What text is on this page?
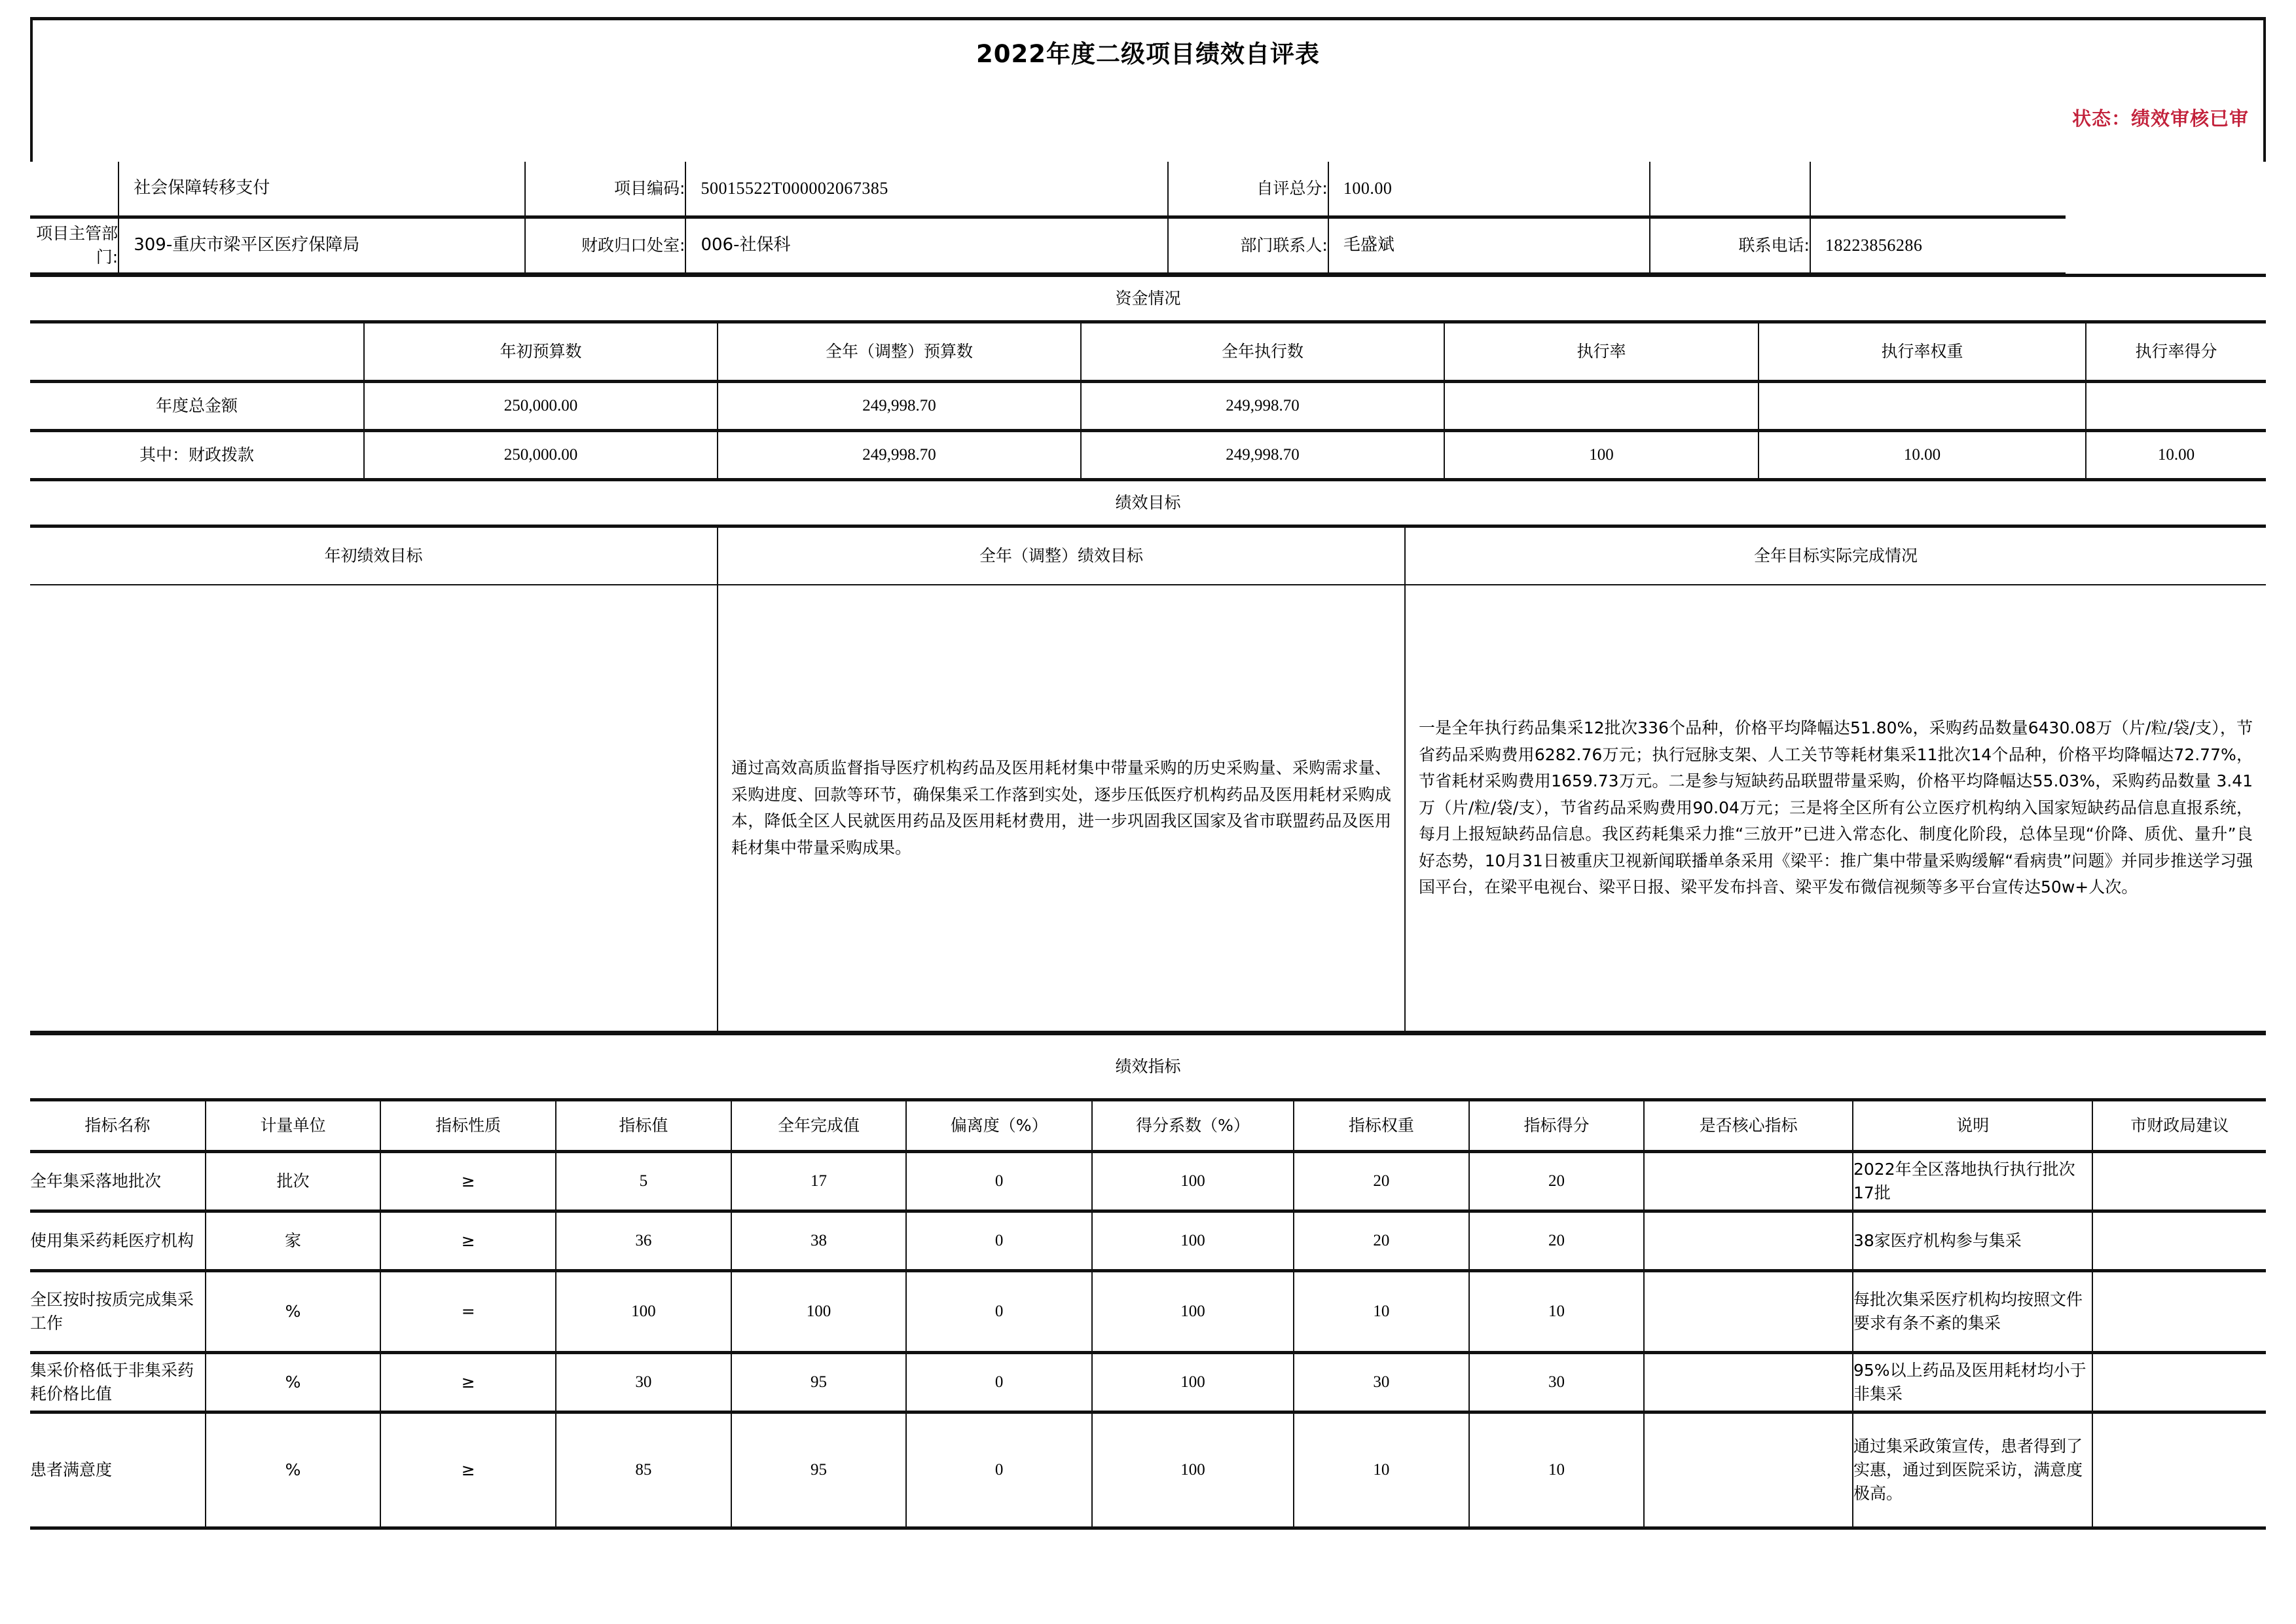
2022年度二级项目绩效自评表
状态：绩效审核已审

	社会保障转移支付	项目编码:	50015522T000002067385	自评总分:	100.00		

项目主管部门:	309-重庆市梁平区医疗保障局	财政归口处室:	006-社保科	部门联系人:	毛盛斌	联系电话:	18223856286
资金情况						
	年初预算数	全年（调整）预算数	全年执行数	执行率	执行率权重	执行率得分
年度总金额	250,000.00	249,998.70	249,998.70			
其中：财政拨款	250,000.00	249,998.70	249,998.70	100	10.00	10.00
绩效目标		
年初绩效目标	全年（调整）绩效目标	全年目标实际完成情况

	通过高效高质监督指导医疗机构药品及医用耗材集中带量采购的历史采购量、采购需求量、采购进度、回款等环节，确保集采工作落到实处，逐步压低医疗机构药品及医用耗材采购成本，降低全区人民就医用药品及医用耗材费用，进一步巩固我区国家及省市联盟药品及医用耗材集中带量采购成果。	一是全年执行药品集采12批次336个品种，价格平均降幅达51.80%，采购药品数量6430.08万（片/粒/袋/支），节省药品采购费用6282.76万元；执行冠脉支架、人工关节等耗材集采11批次14个品种，价格平均降幅达72.77%，节省耗材采购费用1659.73万元。二是参与短缺药品联盟带量采购，价格平均降幅达55.03%，采购药品数量 3.41万（片/粒/袋/支），节省药品采购费用90.04万元；三是将全区所有公立医疗机构纳入国家短缺药品信息直报系统，每月上报短缺药品信息。我区药耗集采力推“三放开”已进入常态化、制度化阶段，总体呈现“价降、质优、量升”良好态势，10月31日被重庆卫视新闻联播单条采用《梁平：推广集中带量采购缓解“看病贵”问题》并同步推送学习强国平台，在梁平电视台、梁平日报、梁平发布抖音、梁平发布微信视频等多平台宣传达50w+人次。
绩效指标
指标名称	计量单位	指标性质	指标值	全年完成值	偏离度（%）	得分系数（%）	指标权重	指标得分	是否核心指标	说明	市财政局建议
全年集采落地批次	批次	≥	5	17	0	100	20	20		2022年全区落地执行执行批次17批	
使用集采药耗医疗机构	家	≥	36	38	0	100	20	20		38家医疗机构参与集采	
全区按时按质完成集采工作	%	=	100	100	0	100	10	10		每批次集采医疗机构均按照文件要求有条不紊的集采	
集采价格低于非集采药耗价格比值	%	≥	30	95	0	100	30	30		95%以上药品及医用耗材均小于非集采	
患者满意度	%	≥	85	95	0	100	10	10		通过集采政策宣传，患者得到了实惠，通过到医院采访，满意度极高。	
